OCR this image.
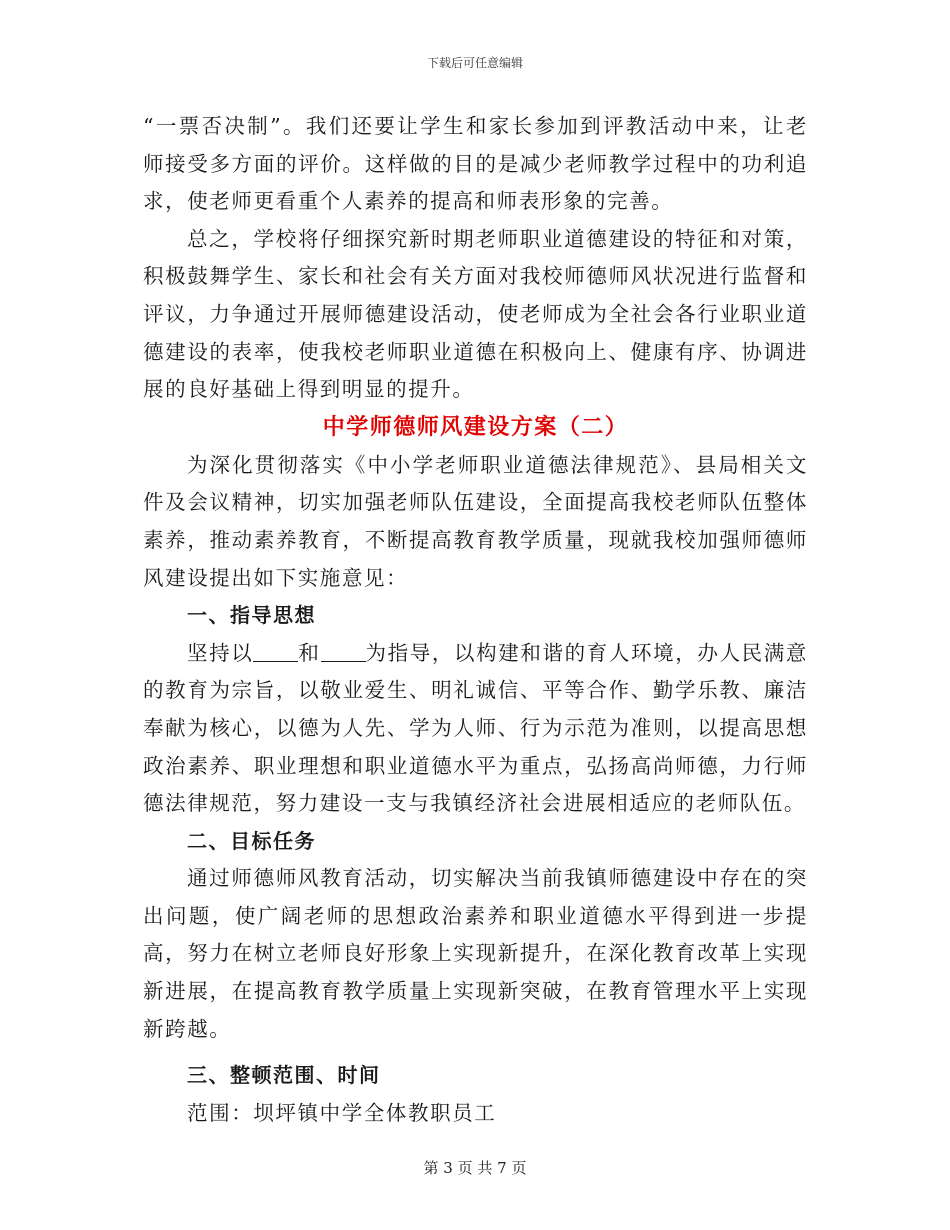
下载后可任意编辑

“一票否决制”。我们还要让学生和家长参加到评教活动中来，让老师接受多方面的评价。这样做的目的是减少老师教学过程中的功利追求，使老师更看重个人素养的提高和师表形象的完善。

总之，学校将仔细探究新时期老师职业道德建设的特征和对策，积极鼓舞学生、家长和社会有关方面对我校师德师风状况进行监督和评议，力争通过开展师德建设活动，使老师成为全社会各行业职业道德建设的表率，使我校老师职业道德在积极向上、健康有序、协调进展的良好基础上得到明显的提升。

中学师德师风建设方案（二）

为深化贯彻落实《中小学老师职业道德法律规范》、县局相关文件及会议精神，切实加强老师队伍建设，全面提高我校老师队伍整体素养，推动素养教育，不断提高教育教学质量，现就我校加强师德师风建设提出如下实施意见：

一、指导思想

坚持以 和 为指导，以构建和谐的育人环境，办人民满意的教育为宗旨，以敬业爱生、明礼诚信、平等合作、勤学乐教、廉洁奉献为核心，以德为人先、学为人师、行为示范为准则，以提高思想政治素养、职业理想和职业道德水平为重点，弘扬高尚师德，力行师德法律规范，努力建设一支与我镇经济社会进展相适应的老师队伍。

二、目标任务

通过师德师风教育活动，切实解决当前我镇师德建设中存在的突出问题，使广阔老师的思想政治素养和职业道德水平得到进一步提高，努力在树立老师良好形象上实现新提升，在深化教育改革上实现新进展，在提高教育教学质量上实现新突破，在教育管理水平上实现新跨越。

三、整顿范围、时间

范围：坝坪镇中学全体教职员工

第 3 页 共 7 页
